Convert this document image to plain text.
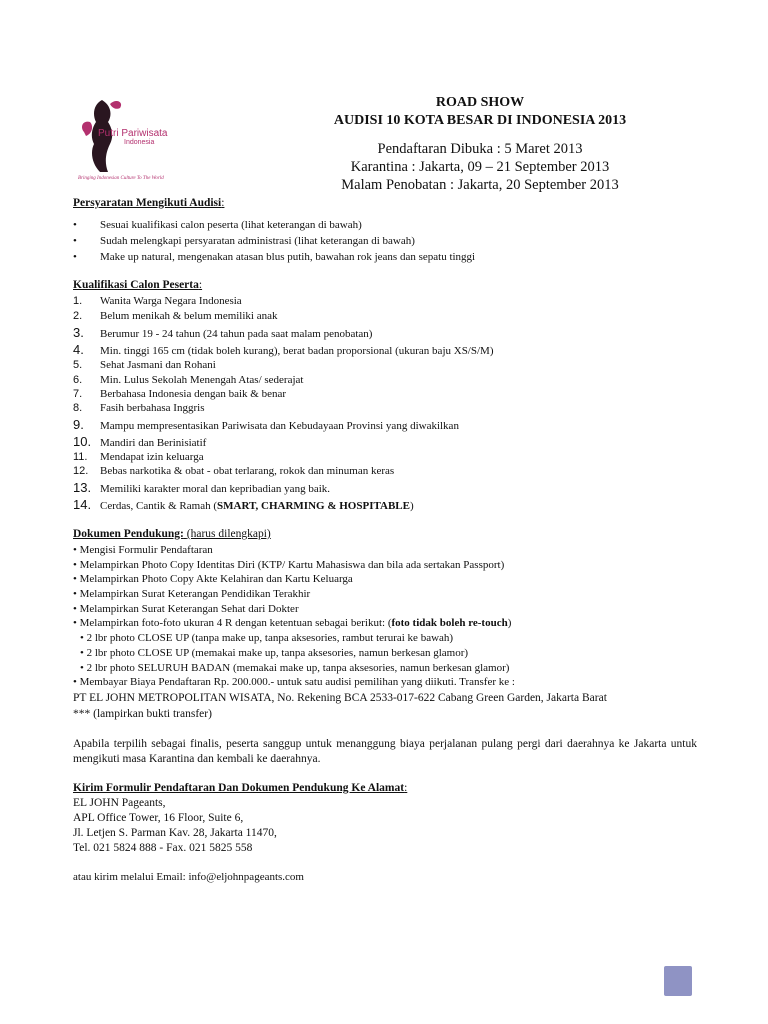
Putri Pariwisata
Indonesia
Bringing Indonesian Culture To The World
ROAD SHOW
AUDISI 10 KOTA BESAR DI INDONESIA 2013
Pendaftaran Dibuka : 5 Maret 2013
Karantina : Jakarta, 09 – 21 September 2013
Malam Penobatan : Jakarta, 20 September 2013
Persyaratan Mengikuti Audisi:
• Sesuai kualifikasi calon peserta (lihat keterangan di bawah)
• Sudah melengkapi persyaratan administrasi (lihat keterangan di bawah)
• Make up natural, mengenakan atasan blus putih, bawahan rok jeans dan sepatu tinggi
Kualifikasi Calon Peserta:
1. Wanita Warga Negara Indonesia
2. Belum menikah & belum memiliki anak
3. Berumur 19 - 24 tahun (24 tahun pada saat malam penobatan)
4. Min. tinggi 165 cm (tidak boleh kurang), berat badan proporsional (ukuran baju XS/S/M)
5. Sehat Jasmani dan Rohani
6. Min. Lulus Sekolah Menengah Atas/ sederajat
7. Berbahasa Indonesia dengan baik & benar
8. Fasih berbahasa Inggris
9. Mampu mempresentasikan Pariwisata dan Kebudayaan Provinsi yang diwakilkan
10. Mandiri dan Berinisiatif
11. Mendapat izin keluarga
12. Bebas narkotika & obat - obat terlarang, rokok dan minuman keras
13. Memiliki karakter moral dan kepribadian yang baik.
14. Cerdas, Cantik & Ramah (SMART, CHARMING & HOSPITABLE)
Dokumen Pendukung: (harus dilengkapi)
• Mengisi Formulir Pendaftaran
• Melampirkan Photo Copy Identitas Diri (KTP/ Kartu Mahasiswa dan bila ada sertakan Passport)
• Melampirkan Photo Copy Akte Kelahiran dan Kartu Keluarga
• Melampirkan Surat Keterangan Pendidikan Terakhir
• Melampirkan Surat Keterangan Sehat dari Dokter
• Melampirkan foto-foto ukuran 4 R dengan ketentuan sebagai berikut: (foto tidak boleh re-touch)
• 2 lbr photo CLOSE UP (tanpa make up, tanpa aksesories, rambut terurai ke bawah)
• 2 lbr photo CLOSE UP (memakai make up, tanpa aksesories, namun berkesan glamor)
• 2 lbr photo SELURUH BADAN (memakai make up, tanpa aksesories, namun berkesan glamor)
• Membayar Biaya Pendaftaran Rp. 200.000.- untuk satu audisi pemilihan yang diikuti. Transfer ke :
PT EL JOHN METROPOLITAN WISATA, No. Rekening BCA 2533-017-622 Cabang Green Garden, Jakarta Barat
*** (lampirkan bukti transfer)
Apabila terpilih sebagai finalis, peserta sanggup untuk menanggung biaya perjalanan pulang pergi dari daerahnya ke Jakarta untuk mengikuti masa Karantina dan kembali ke daerahnya.
Kirim Formulir Pendaftaran Dan Dokumen Pendukung Ke Alamat:
EL JOHN Pageants,
APL Office Tower, 16 Floor, Suite 6,
Jl. Letjen S. Parman Kav. 28, Jakarta 11470,
Tel. 021 5824 888 - Fax. 021 5825 558
atau kirim melalui Email: info@eljohnpageants.com
